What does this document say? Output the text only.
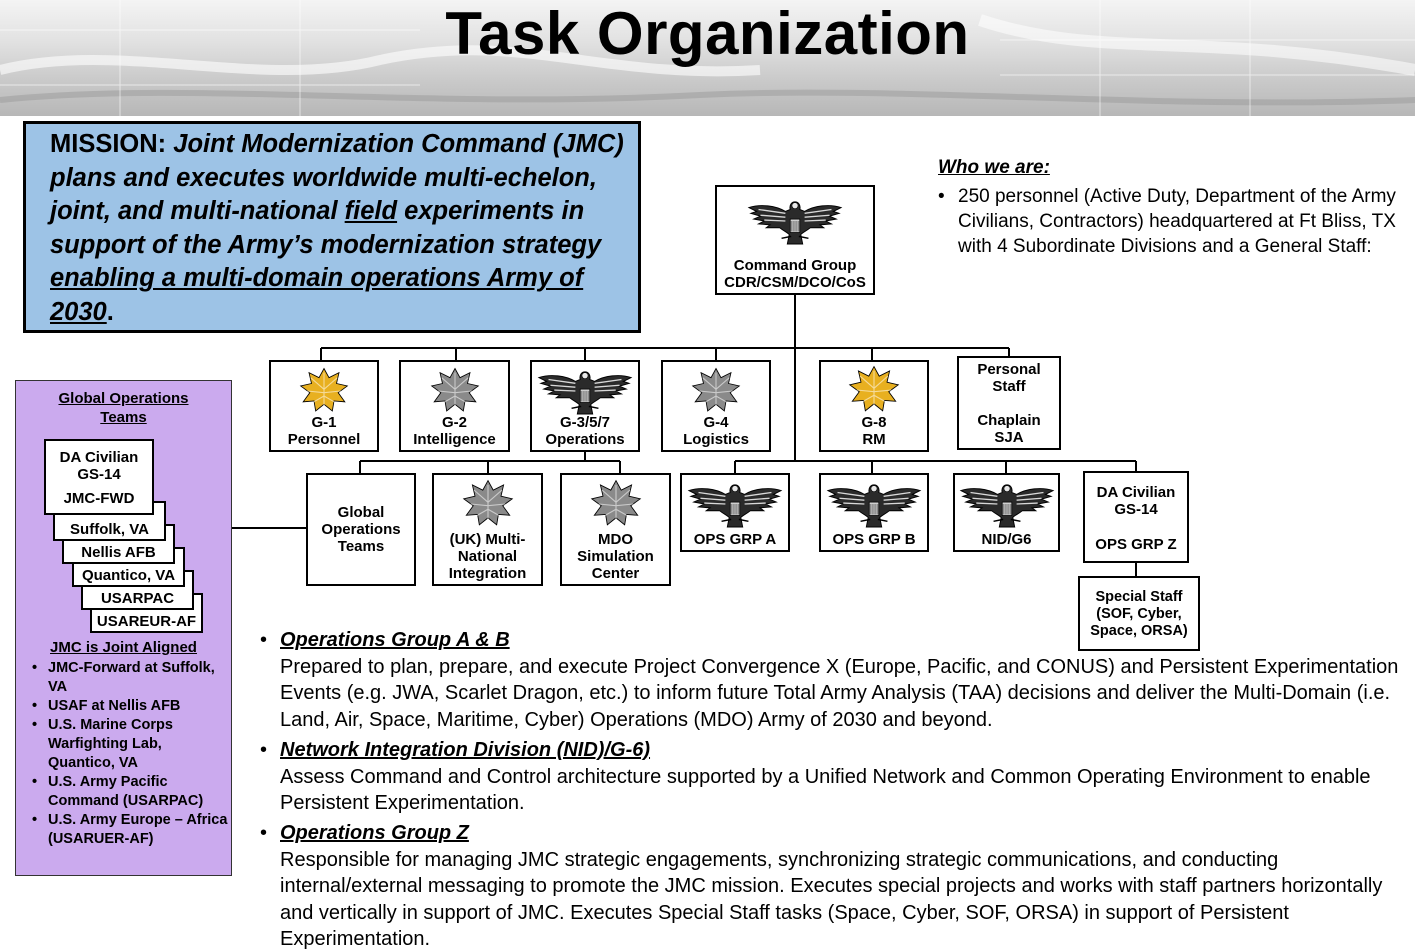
Task Organization
MISSION: Joint Modernization Command (JMC) plans and executes worldwide multi-echelon, joint, and multi-national field experiments in support of the Army’s modernization strategy enabling a multi-domain operations Army of 2030.
Who we are:
• 250 personnel (Active Duty, Department of the Army Civilians, Contractors) headquartered at Ft Bliss, TX with 4 Subordinate Divisions and a General Staff:
Command Group
CDR/CSM/DCO/CoS
G-1
Personnel
G-2
Intelligence
G-3/5/7
Operations
G-4
Logistics
G-8
RM
Personal
Staff
Chaplain
SJA
Global
Operations
Teams	(UK) Multi-
National
Integration
MDO
Simulation
Center
OPS GRP A	OPS GRP B	NID/G6
DA Civilian
GS-14
OPS GRP Z
Special Staff
(SOF, Cyber,
Space, ORSA)
Global Operations
Teams
USAREUR-AF
USARPAC
Quantico, VA
Nellis AFB
Suffolk, VA
DA Civilian
GS-14
JMC-FWD
JMC is Joint Aligned
• JMC-Forward at Suffolk, VA
• USAF at Nellis AFB
• U.S. Marine Corps Warfighting Lab, Quantico, VA
• U.S. Army Pacific Command (USARPAC)
• U.S. Army Europe – Africa (USARUER-AF)
• Operations Group A & B
Prepared to plan, prepare, and execute Project Convergence X (Europe, Pacific, and CONUS) and Persistent Experimentation Events (e.g. JWA, Scarlet Dragon, etc.) to inform future Total Army Analysis (TAA) decisions and deliver the Multi-Domain (i.e. Land, Air, Space, Maritime, Cyber) Operations (MDO) Army of 2030 and beyond.
• Network Integration Division (NID)/G-6)
Assess Command and Control architecture supported by a Unified Network and Common Operating Environment to enable Persistent Experimentation.
• Operations Group Z
Responsible for managing JMC strategic engagements, synchronizing strategic communications, and conducting internal/external messaging to promote the JMC mission. Executes special projects and works with staff partners horizontally and vertically in support of JMC. Executes Special Staff tasks (Space, Cyber, SOF, ORSA) in support of Persistent Experimentation.
